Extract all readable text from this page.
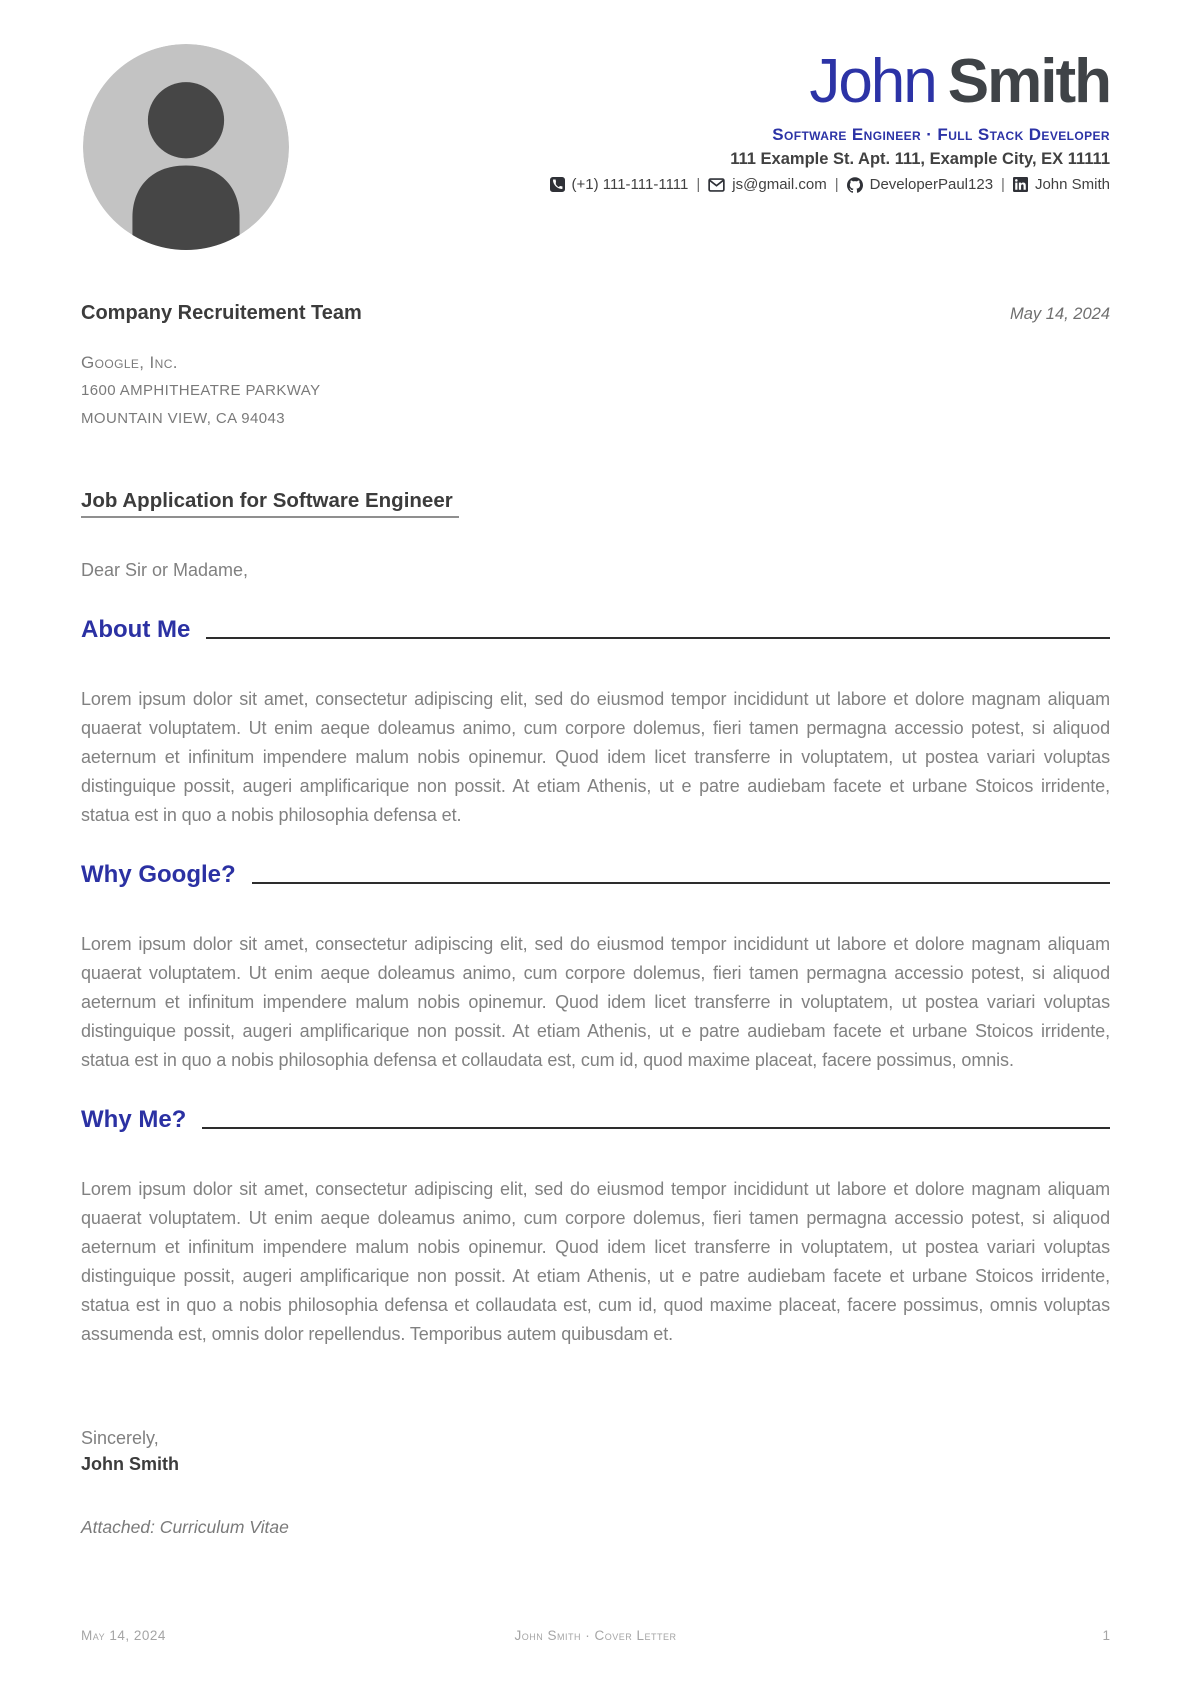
John Smith
Software Engineer · Full Stack Developer
111 Example St. Apt. 111, Example City, EX 11111
(+1) 111-111-1111 | js@gmail.com | DeveloperPaul123 | John Smith
Company Recruitement Team	May 14, 2024
Google, Inc.
1600 AMPHITHEATRE PARKWAY
MOUNTAIN VIEW, CA 94043
Job Application for Software Engineer
Dear Sir or Madame,
About Me

Lorem ipsum dolor sit amet, consectetur adipiscing elit, sed do eiusmod tempor incididunt ut labore et dolore magnam aliquam quaerat voluptatem. Ut enim aeque doleamus animo, cum corpore dolemus, fieri tamen permagna accessio potest, si aliquod aeternum et infinitum impendere malum nobis opinemur. Quod idem licet transferre in voluptatem, ut postea variari voluptas distinguique possit, augeri amplificarique non possit. At etiam Athenis, ut e patre audiebam facete et urbane Stoicos irridente, statua est in quo a nobis philosophia defensa et.

Why Google?

Lorem ipsum dolor sit amet, consectetur adipiscing elit, sed do eiusmod tempor incididunt ut labore et dolore magnam aliquam quaerat voluptatem. Ut enim aeque doleamus animo, cum corpore dolemus, fieri tamen permagna accessio potest, si aliquod aeternum et infinitum impendere malum nobis opinemur. Quod idem licet transferre in voluptatem, ut postea variari voluptas distinguique possit, augeri amplificarique non possit. At etiam Athenis, ut e patre audiebam facete et urbane Stoicos irridente, statua est in quo a nobis philosophia defensa et collaudata est, cum id, quod maxime placeat, facere possimus, omnis.

Why Me?

Lorem ipsum dolor sit amet, consectetur adipiscing elit, sed do eiusmod tempor incididunt ut labore et dolore magnam aliquam quaerat voluptatem. Ut enim aeque doleamus animo, cum corpore dolemus, fieri tamen permagna accessio potest, si aliquod aeternum et infinitum impendere malum nobis opinemur. Quod idem licet transferre in voluptatem, ut postea variari voluptas distinguique possit, augeri amplificarique non possit. At etiam Athenis, ut e patre audiebam facete et urbane Stoicos irridente, statua est in quo a nobis philosophia defensa et collaudata est, cum id, quod maxime placeat, facere possimus, omnis voluptas assumenda est, omnis dolor repellendus. Temporibus autem quibusdam et.

Sincerely,
John Smith
Attached: Curriculum Vitae
May 14, 2024	John Smith · Cover Letter	1
